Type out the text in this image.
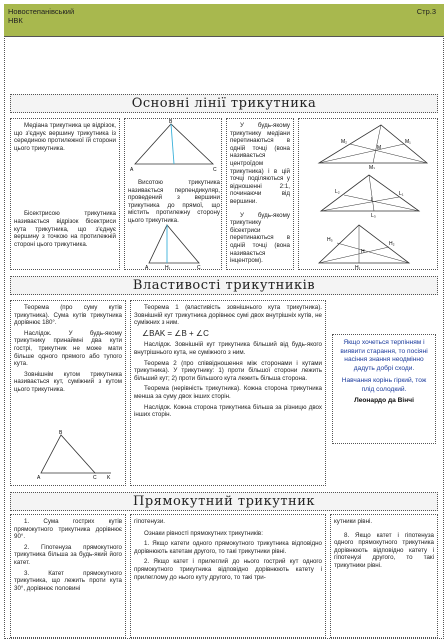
Новостепанівський
НВК
Стр.3
Основні лінії трикутника
Медіана трикутника це відрізок, що з'єднує вершину трикутника із серединою протилежної їй сторони цього трикутника.
Бісектрисою трикутника називається відрізок бісектриси кута трикутника, що з'єднує вершину з точкою на протилежній стороні цього трикутника.
A	C
B
Висотою трикутника називається перпендикуляр, проведений з вершини трикутника до прямої, що містить протилежну сторону цього трикутника.
A	H₁	C
У будь-якому трикутнику медіани перетинаються в одній точці (вона називається центроїдом трикутника) і в цій точці поділяються у відношенні 2:1, починаючи від вершини.
У будь-якому трикутнику бісектриси перетинаються в одній точці (вона називається інцентром).
M
M₁
M₂
M₃
I
L₁
L₂
L₃
H
H₂
H₃
H₁
Властивості трикутників

Теорема (про суму кутів трикутника). Сума кутів трикутника дорівнює 180°.

Наслідок. У будь-якому трикутнику принаймні два кути гострі, трикутник не може мати більше одного прямого або тупого кута.

Зовнішнім кутом трикутника називається кут, суміжний з кутом цього трикутника.

A
B
C K

Теорема 1 (властивість зовнішнього кута трикутника). Зовнішній кут трикутника дорівнює сумі двох внутрішніх кутів, не суміжних з ним.

∠BAK = ∠B + ∠C

Наслідок. Зовнішній кут трикутника більший від будь-якого внутрішнього кута, не суміжного з ним.

Теорема 2 (про співвідношення між сторонами і кутами трикутника). У трикутнику: 1) проти більшої сторони лежить більший кут; 2) проти більшого кута лежить більша сторона.

Теорема (нерівність трикутника). Кожна сторона трикутника менша за суму двох інших сторін.

Наслідок. Кожна сторона трикутника більша за різницю двох інших сторін.

Якщо хочеться терпінням і виявити старання, то посіяні насіння знання неодмінно дадуть добрі сходи.
Навчання корінь гіркий, тож плід солодкий.
Леонардо да Вінчі
Прямокутний трикутник

1. Сума гострих кутів прямокутного трикутника дорівнює 90°.

2. Гіпотенуза прямокутного трикутника більша за будь-який його катет.

3. Катет прямокутного трикутника, що лежить проти кута 30°, дорівнює половині

гіпотенузи.

Ознаки рівності прямокутних трикутників:

1. Якщо катети одного прямокутного трикутника відповідно дорівнюють катетам другого, то такі трикутники рівні.

2. Якщо катет і прилеглий до нього гострий кут одного прямокутного трикутника відповідно дорівнюють катету і прилеглому до нього куту другого, то такі три-

кутники рівні.

8. Якщо катет і гіпотенуза одного прямокутного трикутника дорівнюють відповідно катету і гіпотенузі другого, то такі трикутники рівні.
